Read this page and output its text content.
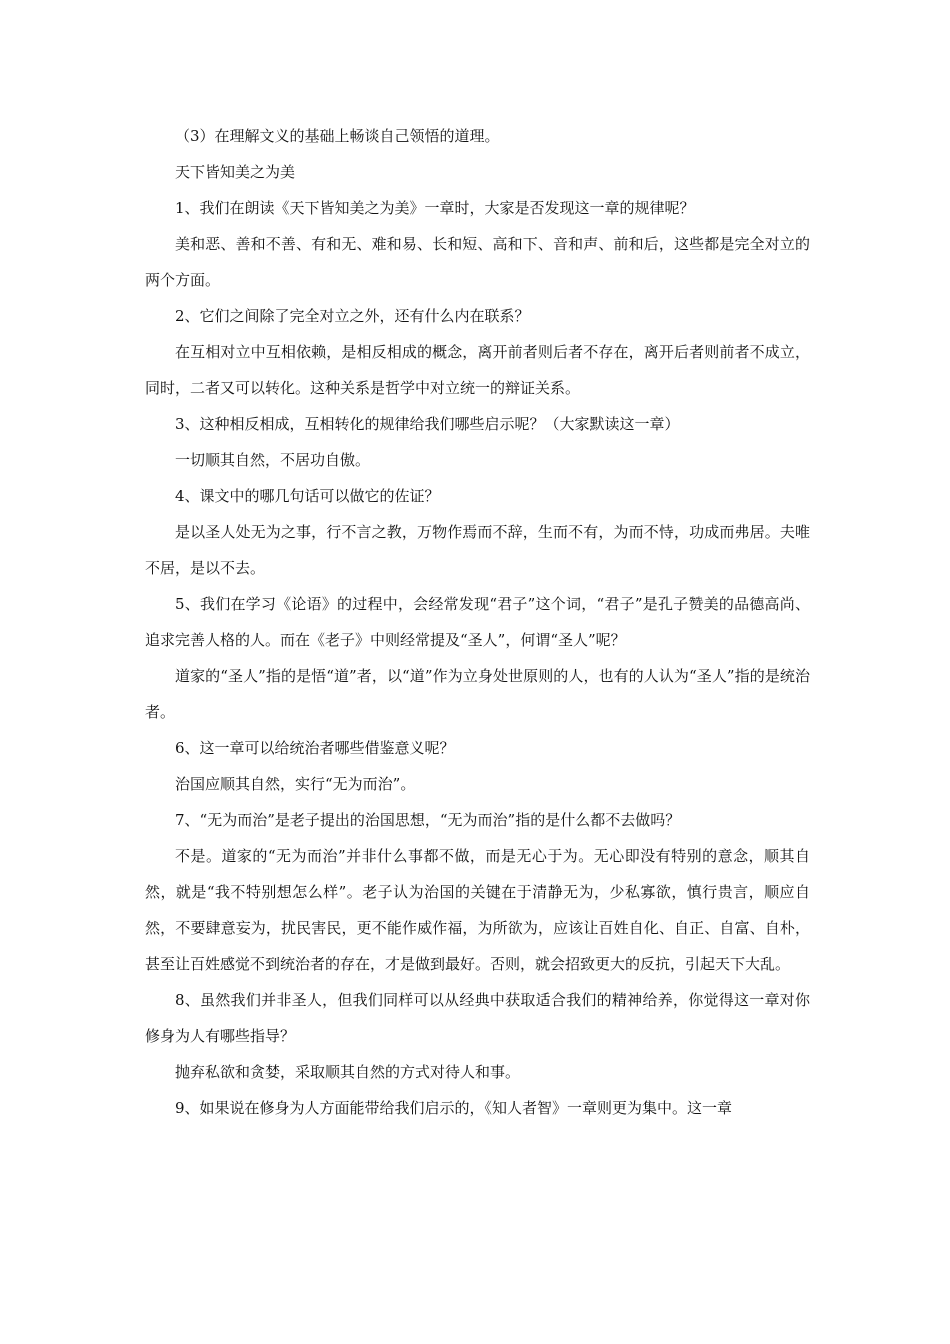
（3）在理解文义的基础上畅谈自己领悟的道理。

天下皆知美之为美

1、我们在朗读《天下皆知美之为美》一章时，大家是否发现这一章的规律呢？

美和恶、善和不善、有和无、难和易、长和短、高和下、音和声、前和后，这些都是完全对立的两个方面。

2、它们之间除了完全对立之外，还有什么内在联系？

在互相对立中互相依赖，是相反相成的概念，离开前者则后者不存在，离开后者则前者不成立，同时，二者又可以转化。这种关系是哲学中对立统一的辩证关系。

3、这种相反相成，互相转化的规律给我们哪些启示呢？（大家默读这一章）

一切顺其自然，不居功自傲。

4、课文中的哪几句话可以做它的佐证？

是以圣人处无为之事，行不言之教，万物作焉而不辞，生而不有，为而不恃，功成而弗居。夫唯不居，是以不去。

5、我们在学习《论语》的过程中，会经常发现“君子”这个词，“君子”是孔子赞美的品德高尚、追求完善人格的人。而在《老子》中则经常提及“圣人”，何谓“圣人”呢？

道家的“圣人”指的是悟“道”者，以“道”作为立身处世原则的人，也有的人认为“圣人”指的是统治者。

6、这一章可以给统治者哪些借鉴意义呢？

治国应顺其自然，实行“无为而治”。

7、“无为而治”是老子提出的治国思想，“无为而治”指的是什么都不去做吗？

不是。道家的“无为而治”并非什么事都不做，而是无心于为。无心即没有特别的意念，顺其自然，就是“我不特别想怎么样”。老子认为治国的关键在于清静无为，少私寡欲，慎行贵言，顺应自然，不要肆意妄为，扰民害民，更不能作威作福，为所欲为，应该让百姓自化、自正、自富、自朴，甚至让百姓感觉不到统治者的存在，才是做到最好。否则，就会招致更大的反抗，引起天下大乱。

8、虽然我们并非圣人，但我们同样可以从经典中获取适合我们的精神给养，你觉得这一章对你修身为人有哪些指导？

抛弃私欲和贪婪，采取顺其自然的方式对待人和事。

9、如果说在修身为人方面能带给我们启示的，《知人者智》一章则更为集中。这一章
